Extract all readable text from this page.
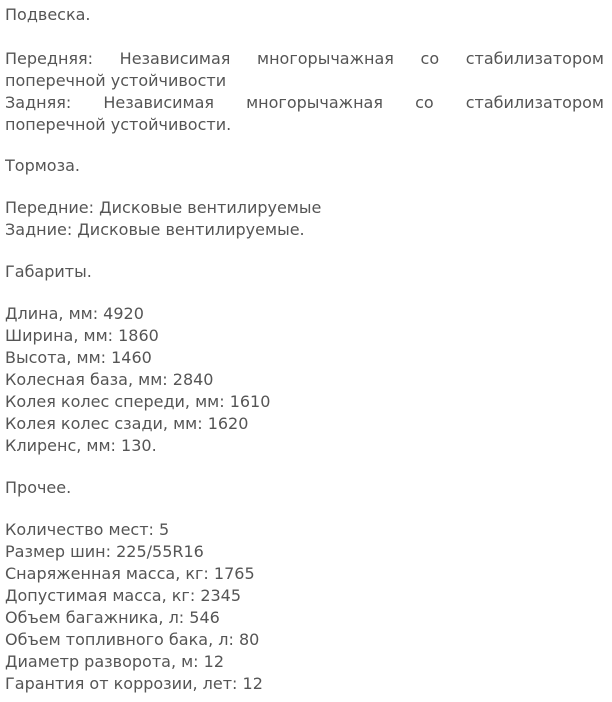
Подвеска.
Передняя: Независимая многорычажная со стабилизатором
поперечной устойчивости
Задняя: Независимая многорычажная со стабилизатором
поперечной устойчивости.
Тормоза.
Передние: Дисковые вентилируемые
Задние: Дисковые вентилируемые.
Габариты.
Длина, мм: 4920
Ширина, мм: 1860
Высота, мм: 1460
Колесная база, мм: 2840
Колея колес спереди, мм: 1610
Колея колес сзади, мм: 1620
Клиренс, мм: 130.
Прочее.
Количество мест: 5
Размер шин: 225/55R16
Снаряженная масса, кг: 1765
Допустимая масса, кг: 2345
Объем багажника, л: 546
Объем топливного бака, л: 80
Диаметр разворота, м: 12
Гарантия от коррозии, лет: 12
